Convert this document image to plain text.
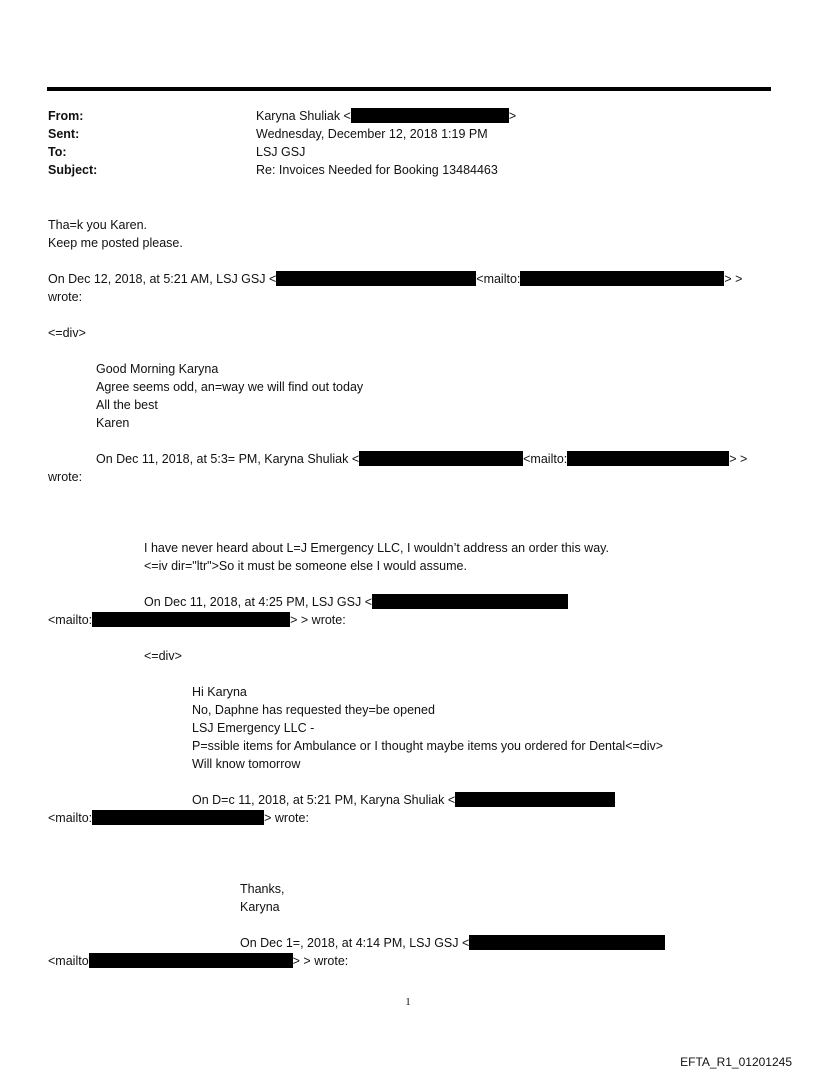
From:	Karyna Shuliak <	>
Sent:	Wednesday, December 12, 2018 1:19 PM
To:	LSJ GSJ
Subject:	Re: Invoices Needed for Booking 13484463
Tha=k you Karen.
Keep me posted please.
On Dec 12, 2018, at 5:21 AM, LSJ GSJ <	<mailto:	> >
wrote:
<=div>
Good Morning Karyna
Agree seems odd, an=way we will find out today
All the best
Karen
On Dec 11, 2018, at 5:3= PM, Karyna Shuliak <	<mailto:	> >
wrote:
I have never heard about L=J Emergency LLC, I wouldn’t address an order this way.
<=iv dir="ltr">So it must be someone else I would assume.
On Dec 11, 2018, at 4:25 PM, LSJ GSJ <
<mailto:	> > wrote:
<=div>
Hi Karyna
No, Daphne has requested they=be opened
LSJ Emergency LLC -
P=ssible items for Ambulance or I thought maybe items you ordered for Dental<=div>
Will know tomorrow
On D=c 11, 2018, at 5:21 PM, Karyna Shuliak <
<mailto:	> wrote:
Thanks,
Karyna
On Dec 1=, 2018, at 4:14 PM, LSJ GSJ <
<mailto	> > wrote:
1
EFTA_R1_01201245
